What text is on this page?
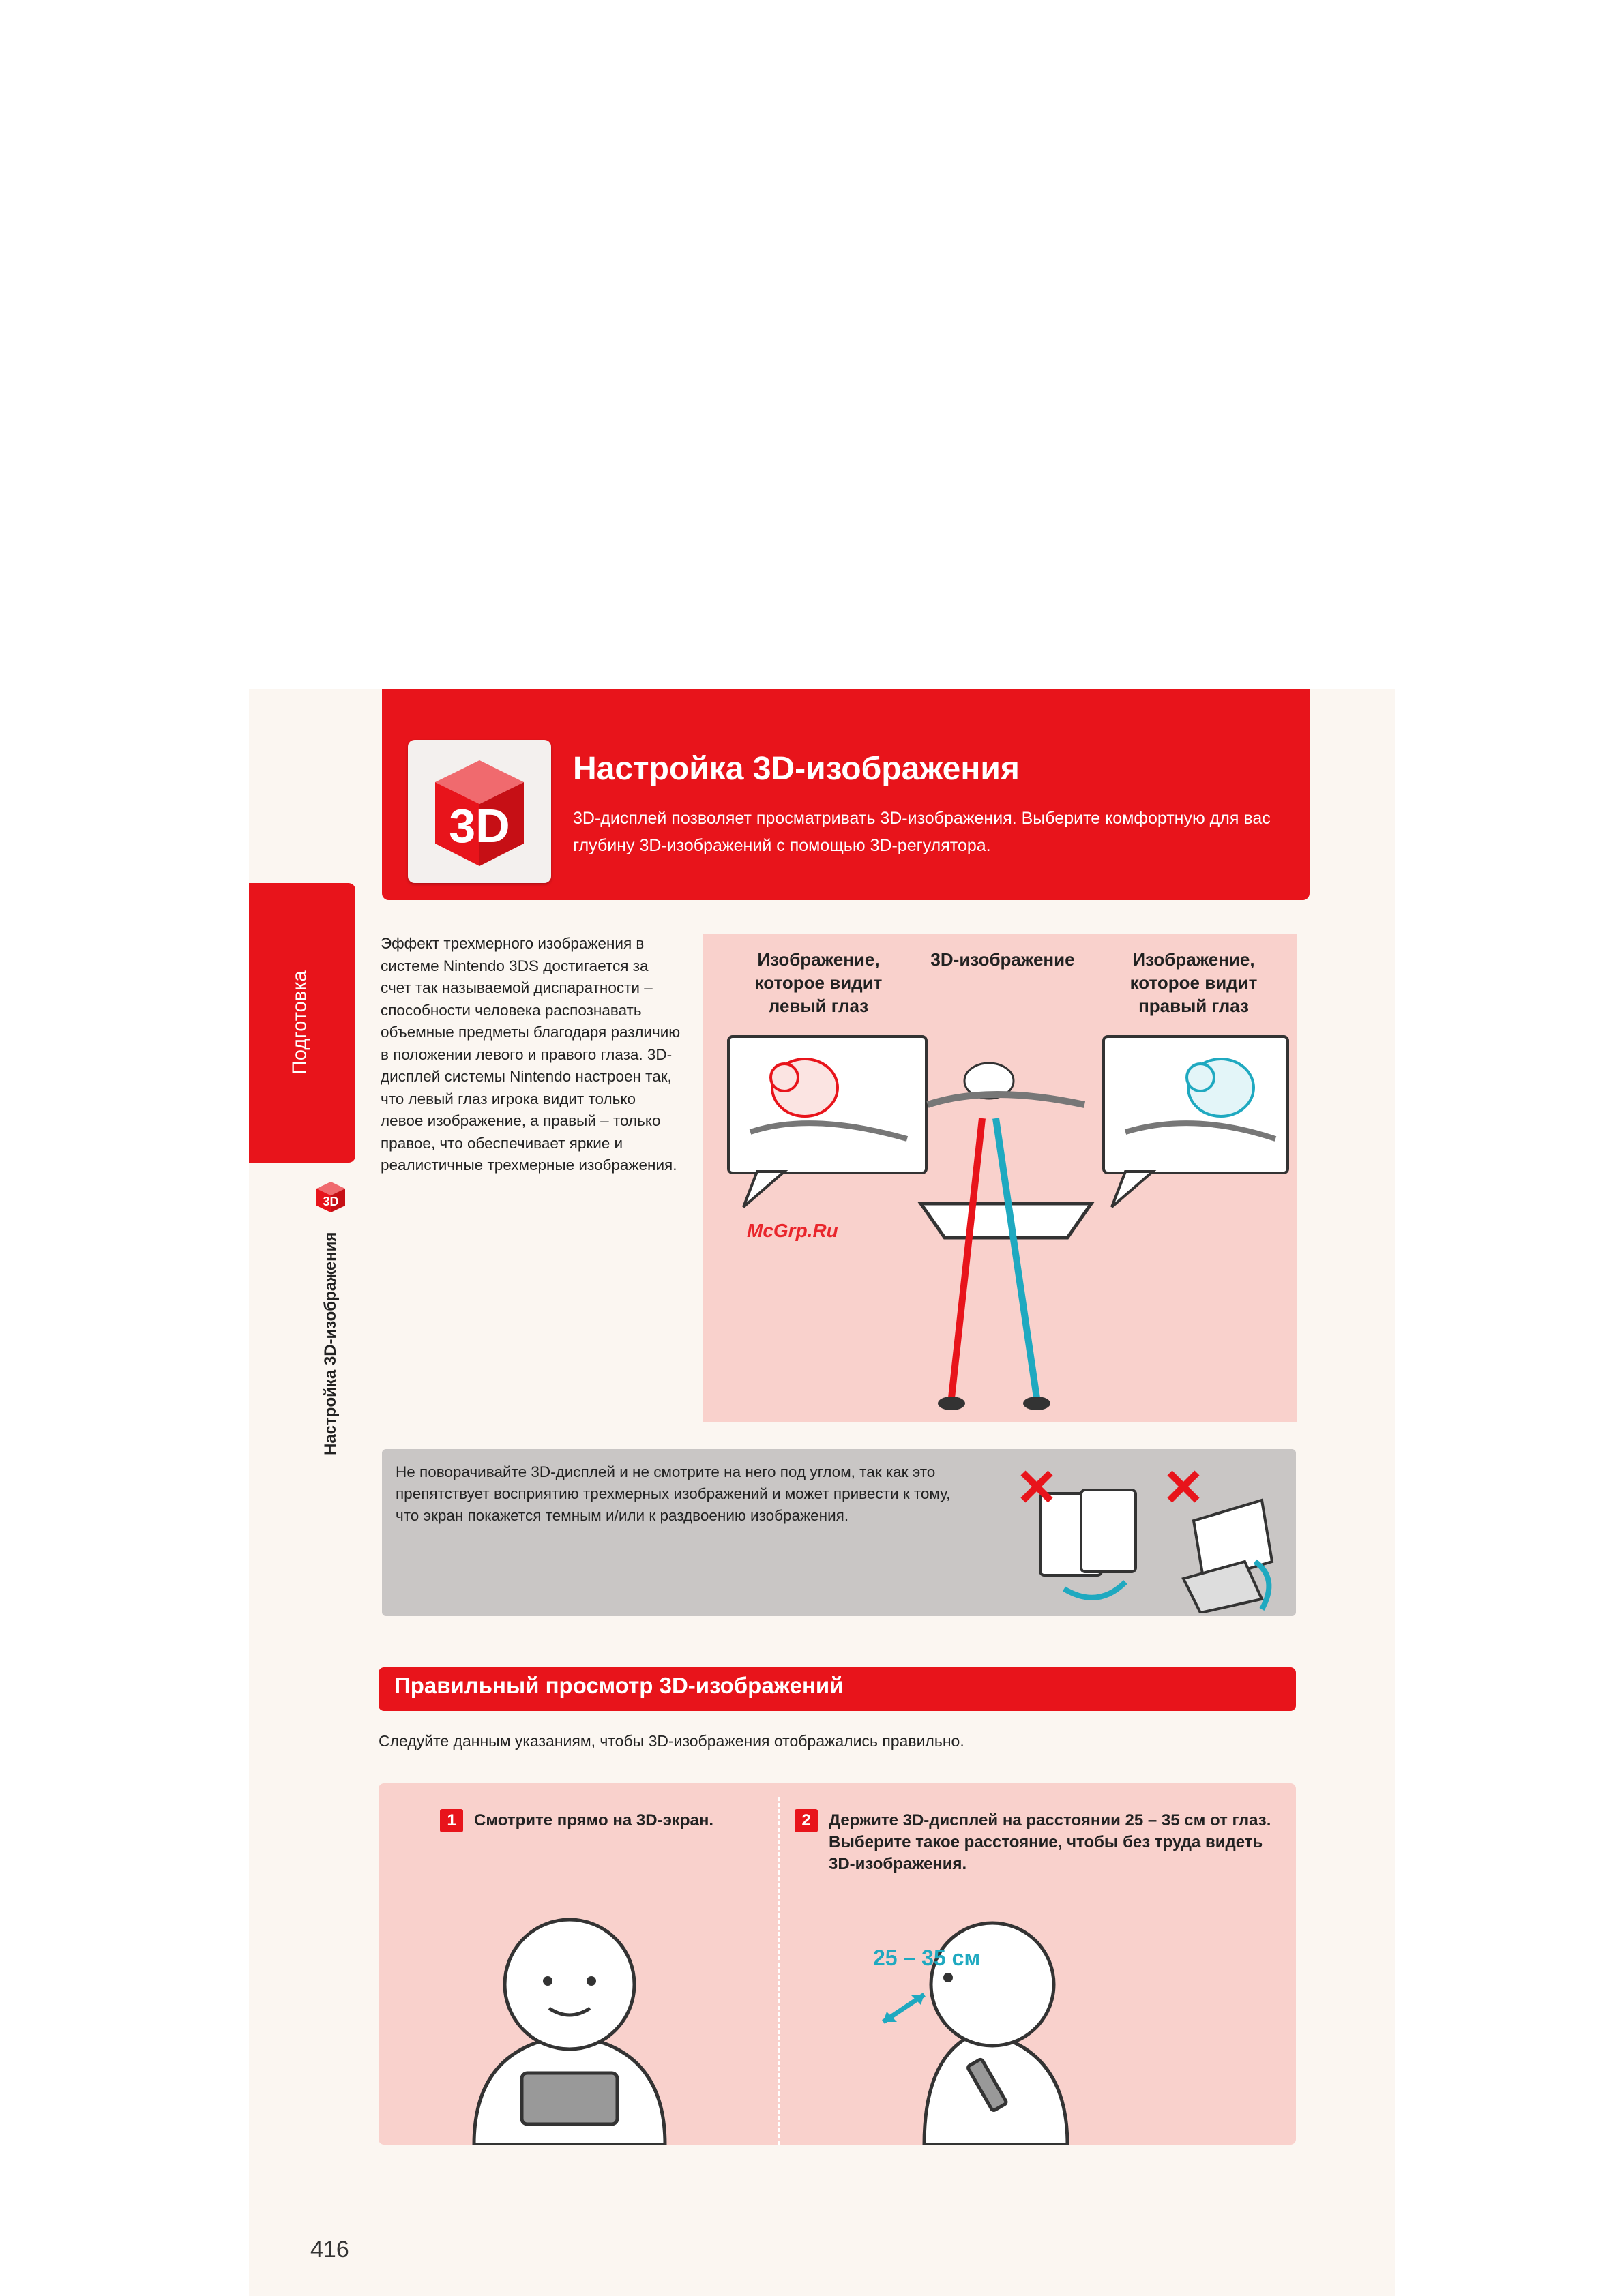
3D
Настройка 3D-изображения
3D-дисплей позволяет просматривать 3D-изображения. Выберите комфортную для вас глубину 3D-изображений с помощью 3D-регулятора.
Подготовка
3D
Настройка 3D-изображения
Эффект трехмерного изображения в системе Nintendo 3DS достигается за счет так называемой диспаратности – способности человека распознавать объемные предметы благодаря различию в положении левого и правого глаза. 3D-дисплей системы Nintendo настроен так, что левый глаз игрока видит только левое изображение, а правый – только правое, что обеспечивает яркие и реалистичные трехмерные изображения.
Изображение, которое видит левый глаз
3D-изображение	Изображение, которое видит правый глаз
McGrp.Ru
Не поворачивайте 3D-дисплей и не смотрите на него под углом, так как это препятствует восприятию трехмерных изображений и может привести к тому, что экран покажется темным и/или к раздвоению изображения.
Правильный просмотр 3D-изображений
Следуйте данным указаниям, чтобы 3D-изображения отображались правильно.
1	Смотрите прямо на 3D-экран.	2	Держите 3D-дисплей на расстоянии 25 – 35 см от глаз. Выберите такое расстояние, чтобы без труда видеть 3D-изображения.
25 – 35 см
416
